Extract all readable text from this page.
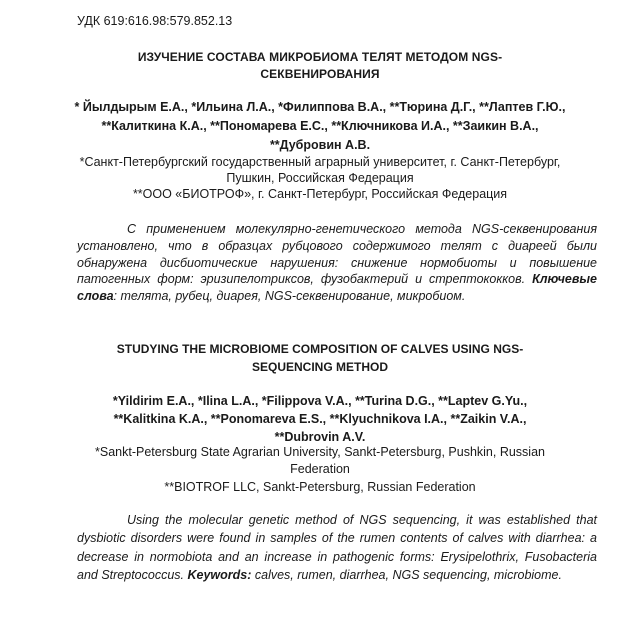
УДК 619:616.98:579.852.13
ИЗУЧЕНИЕ СОСТАВА МИКРОБИОМА ТЕЛЯТ МЕТОДОМ NGS-
СЕКВЕНИРОВАНИЯ
* Йылдырым Е.А., *Ильина Л.А., *Филиппова В.А., **Тюрина Д.Г., **Лаптев Г.Ю.,
**Калиткина К.А., **Пономарева Е.С., **Ключникова И.А., **Заикин В.А.,
**Дубровин А.В.
*Санкт-Петербургский государственный аграрный университет, г. Санкт-Петербург,
Пушкин, Российская Федерация
**ООО «БИОТРОФ», г. Санкт-Петербург, Российская Федерация
С применением молекулярно-генетического метода NGS-секвенирования установлено, что в образцах рубцового содержимого телят с диареей были обнаружена дисбиотические нарушения: снижение нормобиоты и повышение патогенных форм: эризипелотриксов, фузобактерий и стрептококков. Ключевые слова: телята, рубец, диарея, NGS-секвенирование, микробиом.
STUDYING THE MICROBIOME COMPOSITION OF CALVES USING NGS-
SEQUENCING METHOD
*Yildirim E.A., *Ilina L.A., *Filippova V.A., **Turina D.G., **Laptev G.Yu.,
**Kalitkina K.A., **Ponomareva E.S., **Klyuchnikova I.A., **Zaikin V.A.,
**Dubrovin A.V.
*Sankt-Petersburg State Agrarian University, Sankt-Petersburg, Pushkin, Russian
Federation
**BIOTROF LLC, Sankt-Petersburg, Russian Federation
Using the molecular genetic method of NGS sequencing, it was established that dysbiotic disorders were found in samples of the rumen contents of calves with diarrhea: a decrease in normobiota and an increase in pathogenic forms: Erysipelothrix, Fusobacteria and Streptococcus. Keywords: calves, rumen, diarrhea, NGS sequencing, microbiome.
